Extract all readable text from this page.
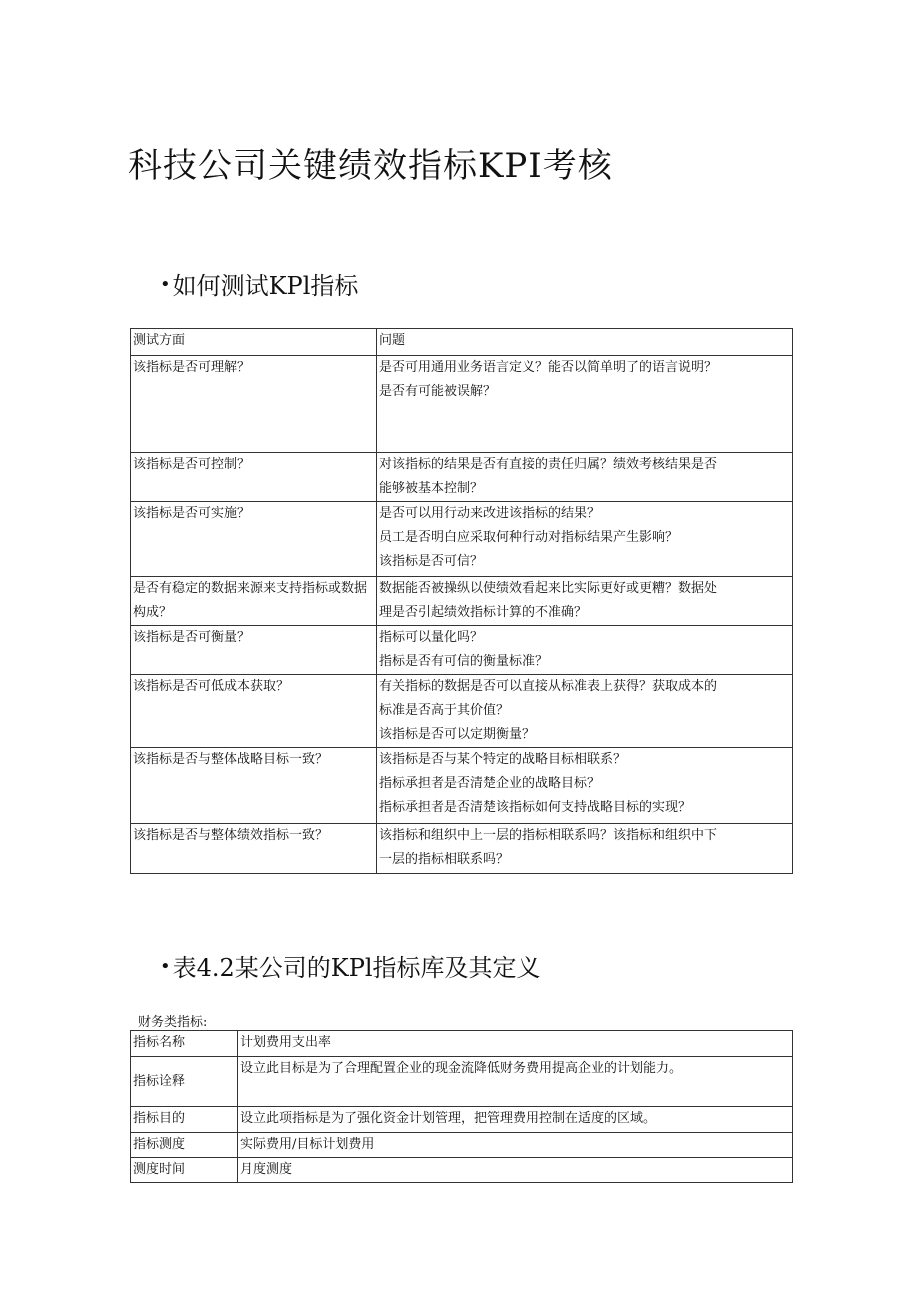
科技公司关键绩效指标KPI考核
•如何测试KPl指标
测试方面	问题
该指标是否可理解？	是否可用通用业务语言定义？能否以简单明了的语言说明？
是否有可能被误解？

该指标是否可控制？	对该指标的结果是否有直接的责任归属？绩效考核结果是否
能够被基本控制？

该指标是否可实施？	是否可以用行动来改进该指标的结果？
员工是否明白应采取何种行动对指标结果产生影响？
该指标是否可信？

是否有稳定的数据来源来支持指标或数据构成？	数据能否被操纵以使绩效看起来比实际更好或更糟？数据处
理是否引起绩效指标计算的不准确？

该指标是否可衡量？	指标可以量化吗？
指标是否有可信的衡量标准？

该指标是否可低成本获取？	有关指标的数据是否可以直接从标准表上获得？获取成本的
标准是否高于其价值？
该指标是否可以定期衡量？

该指标是否与整体战略目标一致？	该指标是否与某个特定的战略目标相联系？
指标承担者是否清楚企业的战略目标？
指标承担者是否清楚该指标如何支持战略目标的实现？

该指标是否与整体绩效指标一致？	该指标和组织中上一层的指标相联系吗？该指标和组织中下
一层的指标相联系吗？
•表4.2某公司的KPl指标库及其定义
财务类指标:
指标名称	计划费用支出率
指标诠释	设立此目标是为了合理配置企业的现金流降低财务费用提高企业的计划能力。
指标目的	设立此项指标是为了强化资金计划管理，把管理费用控制在适度的区域。
指标测度	实际费用/目标计划费用
测度时间	月度测度
